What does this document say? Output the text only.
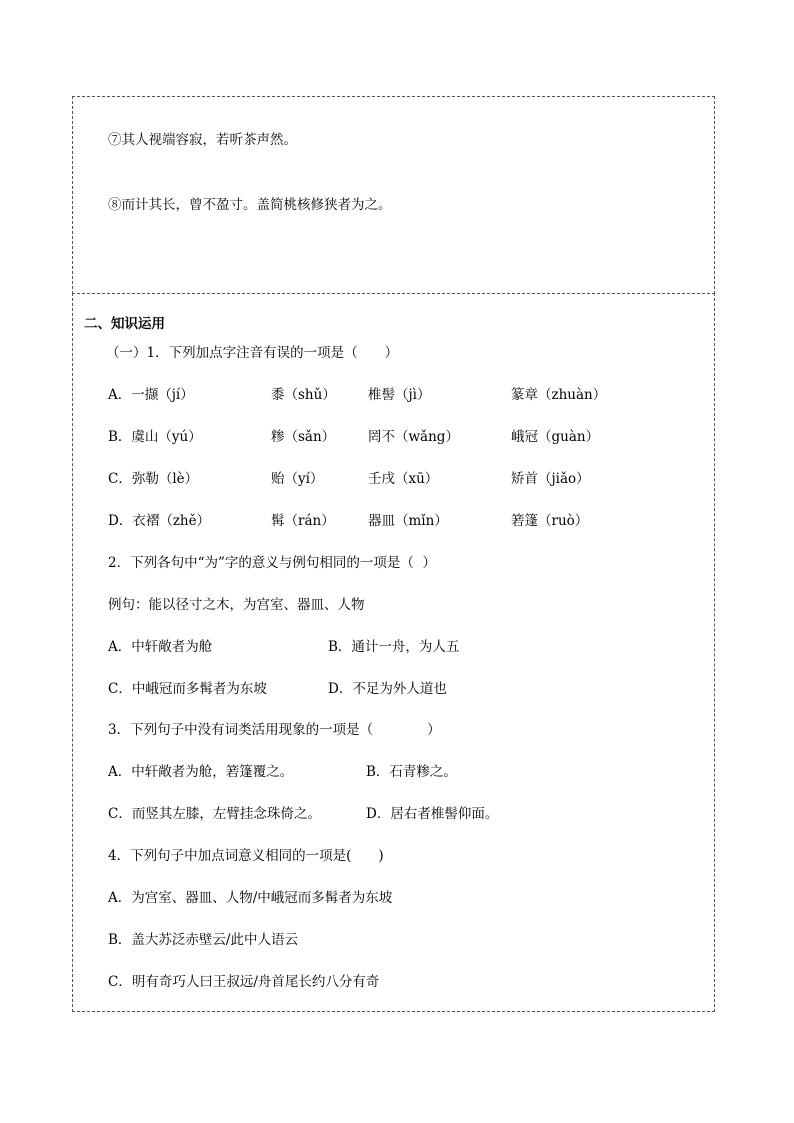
⑦其人视端容寂，若听茶声然。
⑧而计其长，曾不盈寸。盖简桃核修狭者为之。
二、知识运用
（一）1．下列加点字注音有误的一项是（　　）
A．一撷（jí）	黍（shǔ） 椎髻（jì）	篆章（zhuàn）
B．虞山（yú）	糁（sǎn） 罔不（wǎng）	峨冠（guàn）
C．弥勒（lè）	贻（yí）	壬戌（xū）	矫首（jiǎo）
D．衣褶（zhě）	髯（rán） 器皿（mǐn）	箬篷（ruò）
2．下列各句中“为”字的意义与例句相同的一项是（  ）
例句：能以径寸之木，为宫室、器皿、人物
A．中轩敞者为舱	B．通计一舟，为人五
C．中峨冠而多髯者为东坡	D．不足为外人道也
3．下列句子中没有词类活用现象的一项是（　　　　）
A．中轩敞者为舱，箬篷覆之。	B．石青糁之。
C．而竖其左膝，左臂挂念珠倚之。	D．居右者椎髻仰面。
4．下列句子中加点词意义相同的一项是(　　)
A．为宫室、器皿、人物/中峨冠而多髯者为东坡
B．盖大苏泛赤壁云/此中人语云
C．明有奇巧人曰王叔远/舟首尾长约八分有奇
